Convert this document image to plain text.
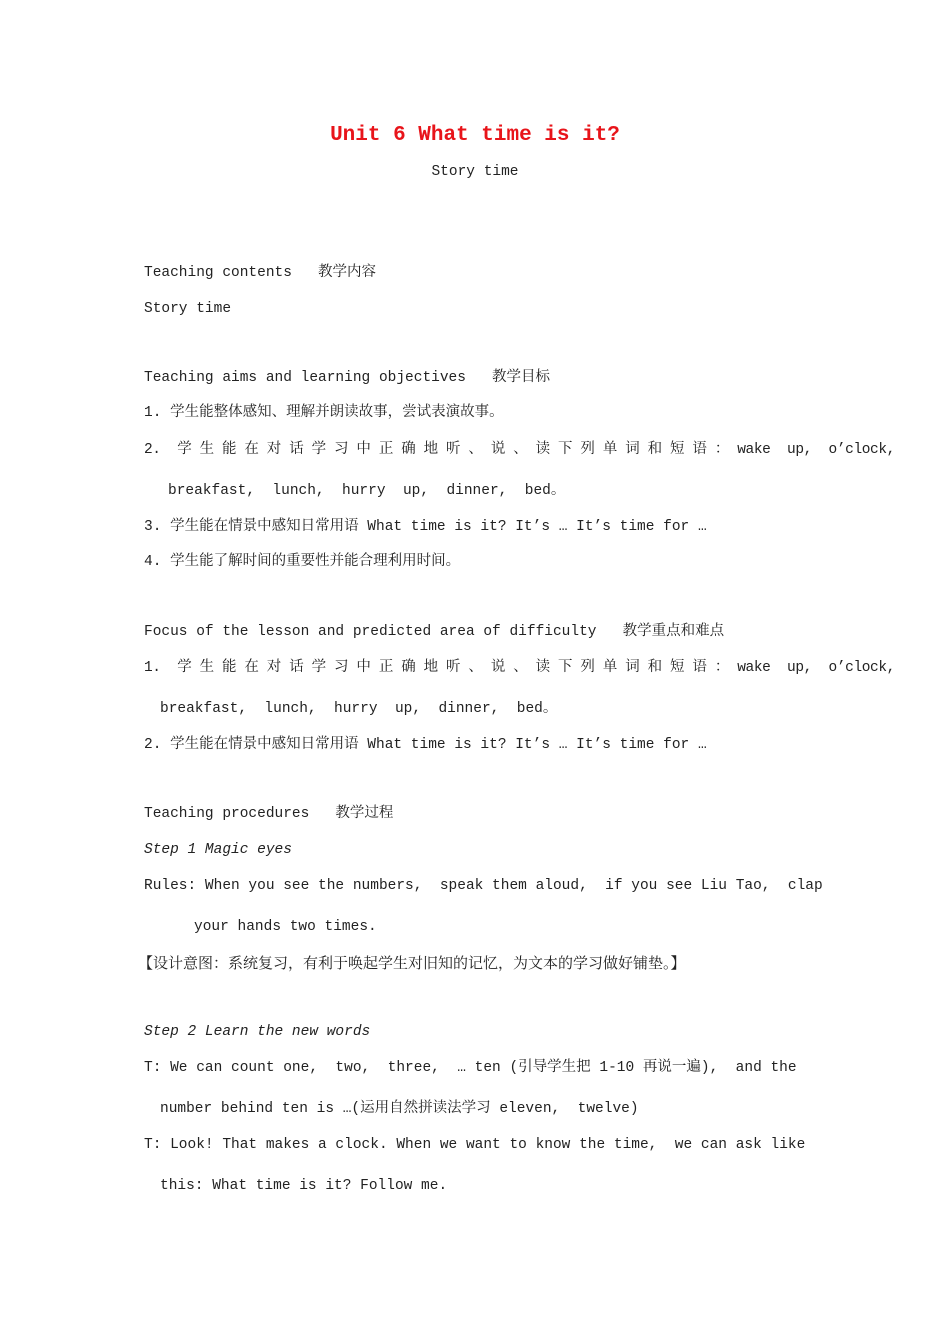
Unit 6 What time is it?
Story time
Teaching contents   教学内容
Story time
Teaching aims and learning objectives   教学目标
1. 学生能整体感知、理解并朗读故事，尝试表演故事。
2.  学 生 能 在 对 话 学 习 中 正 确 地 听 、 说 、 读 下 列 单 词 和 短 语 ： wake  up,  o’clock,
breakfast,  lunch,  hurry  up,  dinner,  bed。
3. 学生能在情景中感知日常用语 What time is it? It’s … It’s time for …
4. 学生能了解时间的重要性并能合理利用时间。
Focus of the lesson and predicted area of difficulty   教学重点和难点
1.  学 生 能 在 对 话 学 习 中 正 确 地 听 、 说 、 读 下 列 单 词 和 短 语 ： wake  up,  o’clock,
breakfast,  lunch,  hurry  up,  dinner,  bed。
2. 学生能在情景中感知日常用语 What time is it? It’s … It’s time for …
Teaching procedures   教学过程
Step 1 Magic eyes
Rules: When you see the numbers,  speak them aloud,  if you see Liu Tao,  clap
your hands two times.
【设计意图：系统复习，有利于唤起学生对旧知的记忆，为文本的学习做好铺垫。】
Step 2 Learn the new words
T: We can count one,  two,  three,  … ten (引导学生把 1-10 再说一遍),  and the
number behind ten is …(运用自然拼读法学习 eleven,  twelve)
T: Look! That makes a clock. When we want to know the time,  we can ask like
this: What time is it? Follow me.
